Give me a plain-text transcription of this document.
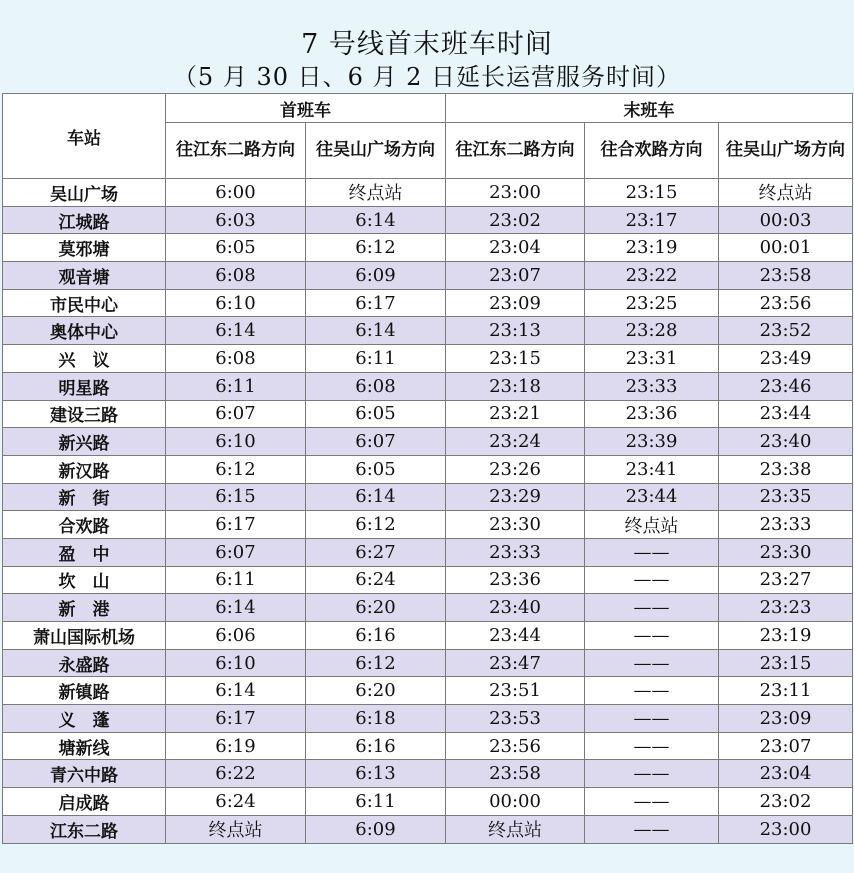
7 号线首末班车时间
（5 月 30 日、6 月 2 日延长运营服务时间）
车站	首班车		末班车		
	往江东二路方向	往吴山广场方向	往江东二路方向	往合欢路方向	往吴山广场方向
吴山广场	6:00	终点站	23:00	23:15	终点站
江城路	6:03	6:14	23:02	23:17	00:03
莫邪塘	6:05	6:12	23:04	23:19	00:01
观音塘	6:08	6:09	23:07	23:22	23:58
市民中心	6:10	6:17	23:09	23:25	23:56
奥体中心	6:14	6:14	23:13	23:28	23:52
兴　议	6:08	6:11	23:15	23:31	23:49
明星路	6:11	6:08	23:18	23:33	23:46
建设三路	6:07	6:05	23:21	23:36	23:44
新兴路	6:10	6:07	23:24	23:39	23:40
新汉路	6:12	6:05	23:26	23:41	23:38
新　街	6:15	6:14	23:29	23:44	23:35
合欢路	6:17	6:12	23:30	终点站	23:33
盈　中	6:07	6:27	23:33	——	23:30
坎　山	6:11	6:24	23:36	——	23:27
新　港	6:14	6:20	23:40	——	23:23
萧山国际机场	6:06	6:16	23:44	——	23:19
永盛路	6:10	6:12	23:47	——	23:15
新镇路	6:14	6:20	23:51	——	23:11
义　蓬	6:17	6:18	23:53	——	23:09
塘新线	6:19	6:16	23:56	——	23:07
青六中路	6:22	6:13	23:58	——	23:04
启成路	6:24	6:11	00:00	——	23:02
江东二路	终点站	6:09	终点站	——	23:00
